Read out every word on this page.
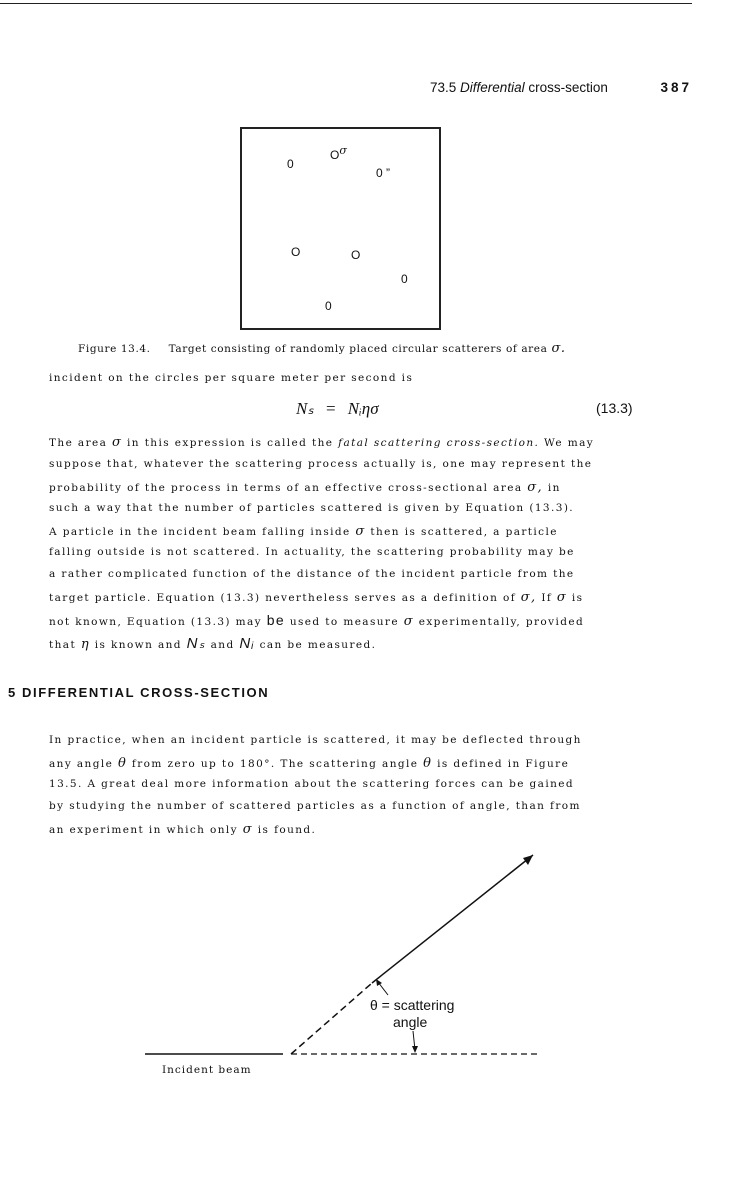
73.5 Differential cross-section	387
$O^\sigma$
0
0 ”
O	O
0
0
Figure 13.4. Target consisting of randomly placed circular scatterers of area σ.
incident on the circles per square meter per second is
Nₛ = Nᵢησ	(13.3)
The area σ in this expression is called the fatal scattering cross-section. We may
suppose that, whatever the scattering process actually is, one may represent the
probability of the process in terms of an effective cross-sectional area σ, in
such a way that the number of particles scattered is given by Equation (13.3).
A particle in the incident beam falling inside σ then is scattered, a particle
falling outside is not scattered. In actuality, the scattering probability may be
a rather complicated function of the distance of the incident particle from the
target particle. Equation (13.3) nevertheless serves as a definition of σ, If σ is
not known, Equation (13.3) may be used to measure σ experimentally, provided
that η is known and Nₛ and Nᵢ can be measured.
5 DIFFERENTIAL CROSS-SECTION
In practice, when an incident particle is scattered, it may be deflected through
any angle θ from zero up to 180°. The scattering angle θ is defined in Figure
13.5. A great deal more information about the scattering forces can be gained
by studying the number of scattered particles as a function of angle, than from
an experiment in which only σ is found.
θ = scattering
angle
Incident beam
